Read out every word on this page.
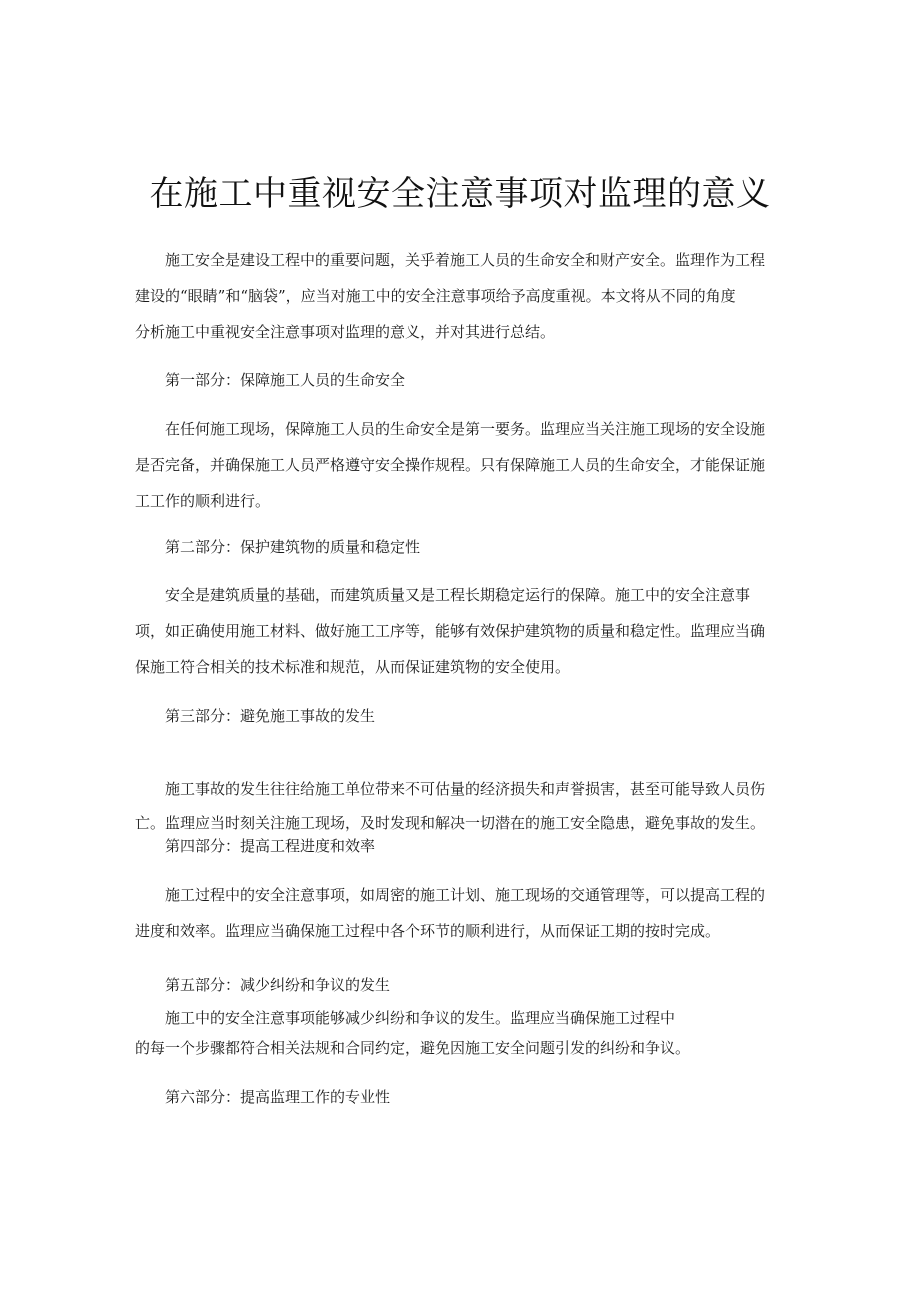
在施工中重视安全注意事项对监理的意义

施工安全是建设工程中的重要问题，关乎着施工人员的生命安全和财产安全。监理作为工程
建设的“眼睛”和“脑袋”，应当对施工中的安全注意事项给予高度重视。本文将从不同的角度
分析施工中重视安全注意事项对监理的意义，并对其进行总结。

第一部分：保障施工人员的生命安全

在任何施工现场，保障施工人员的生命安全是第一要务。监理应当关注施工现场的安全设施
是否完备，并确保施工人员严格遵守安全操作规程。只有保障施工人员的生命安全，才能保证施
工工作的顺利进行。

第二部分：保护建筑物的质量和稳定性

安全是建筑质量的基础，而建筑质量又是工程长期稳定运行的保障。施工中的安全注意事
项，如正确使用施工材料、做好施工工序等，能够有效保护建筑物的质量和稳定性。监理应当确
保施工符合相关的技术标准和规范，从而保证建筑物的安全使用。

第三部分：避免施工事故的发生

施工事故的发生往往给施工单位带来不可估量的经济损失和声誉损害，甚至可能导致人员伤
亡。监理应当时刻关注施工现场，及时发现和解决一切潜在的施工安全隐患，避免事故的发生。

第四部分：提高工程进度和效率

施工过程中的安全注意事项，如周密的施工计划、施工现场的交通管理等，可以提高工程的
进度和效率。监理应当确保施工过程中各个环节的顺利进行，从而保证工期的按时完成。

第五部分：减少纠纷和争议的发生

施工中的安全注意事项能够减少纠纷和争议的发生。监理应当确保施工过程中
的每一个步骤都符合相关法规和合同约定，避免因施工安全问题引发的纠纷和争议。

第六部分：提高监理工作的专业性
